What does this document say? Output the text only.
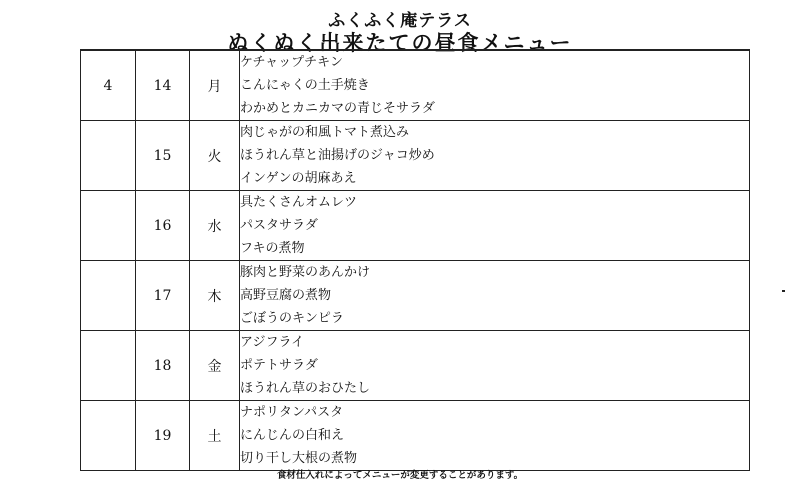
ふくふく庵テラス
ぬくぬく出来たての昼食メニュー
4	14	月	ケチャップチキン
こんにゃくの土手焼き
わかめとカニカマの青じそサラダ

	15	火	肉じゃがの和風トマト煮込み
ほうれん草と油揚げのジャコ炒め
インゲンの胡麻あえ

	16	水	具たくさんオムレツ
パスタサラダ
フキの煮物

	17	木	豚肉と野菜のあんかけ
高野豆腐の煮物
ごぼうのキンピラ

	18	金	アジフライ
ポテトサラダ
ほうれん草のおひたし

	19	土	ナポリタンパスタ
にんじんの白和え
切り干し大根の煮物
食材仕入れによってメニューが変更することがあります。
